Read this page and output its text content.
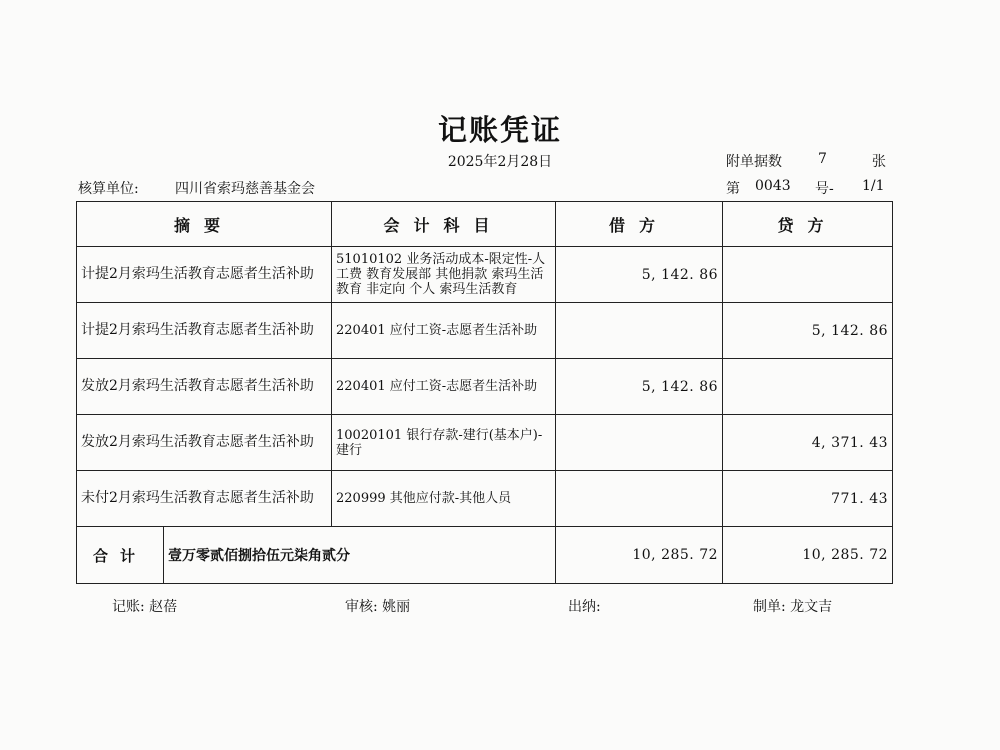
记账凭证
2025年2月28日	附单据数	7	张
核算单位:	四川省索玛慈善基金会	第 0043 号- 1/1
摘要		会计科目	借方	贷方
计提2月索玛生活教育志愿者生活补助		51010102 业务活动成本-限定性-人工费 教育发展部 其他捐款 索玛生活教育 非定向 个人 索玛生活教育	5, 142. 86	
计提2月索玛生活教育志愿者生活补助		220401 应付工资-志愿者生活补助		5, 142. 86
发放2月索玛生活教育志愿者生活补助		220401 应付工资-志愿者生活补助	5, 142. 86	
发放2月索玛生活教育志愿者生活补助		10020101 银行存款-建行(基本户)-建行		4, 371. 43
未付2月索玛生活教育志愿者生活补助		220999 其他应付款-其他人员		771. 43
合计	壹万零贰佰捌拾伍元柒角贰分		10, 285. 72	10, 285. 72
记账: 赵蓓	审核: 姚丽	出纳:	制单: 龙文吉
